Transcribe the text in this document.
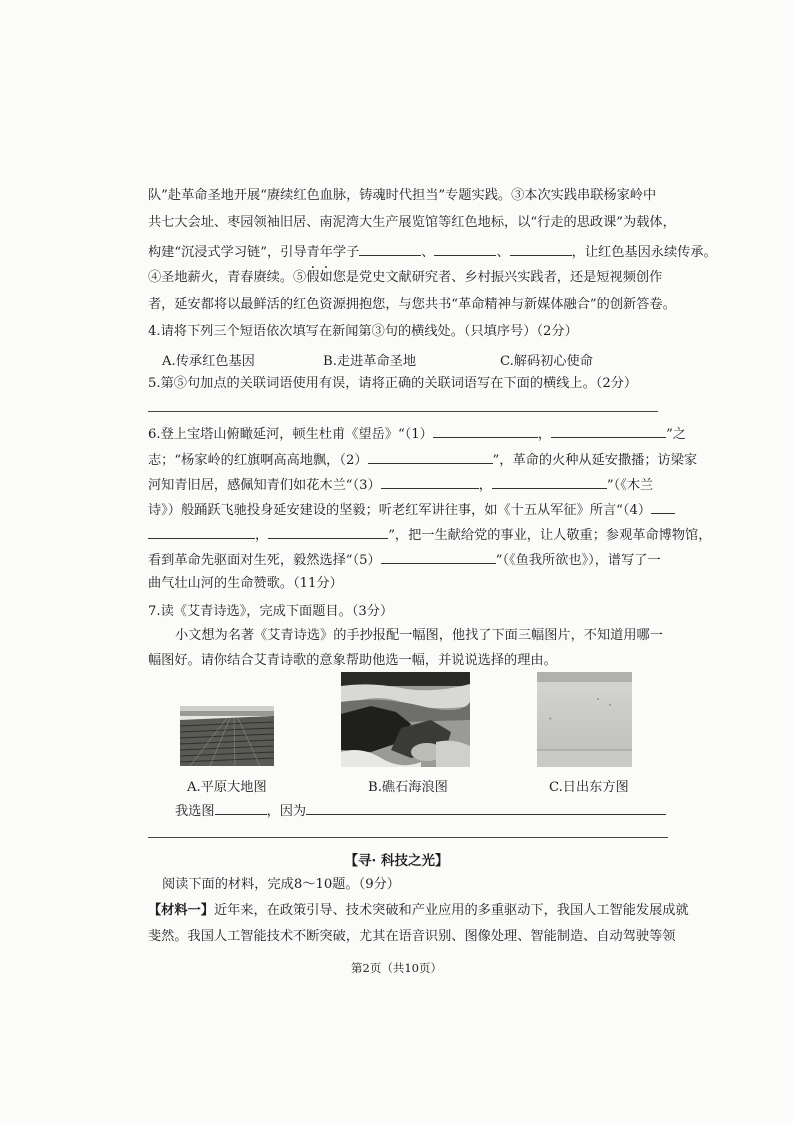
队”赴革命圣地开展“赓续红色血脉，铸魂时代担当”专题实践。③本次实践串联杨家岭中
共七大会址、枣园领袖旧居、南泥湾大生产展览馆等红色地标，以“行走的思政课”为载体，
构建“沉浸式学习链”，引导青年学子	、	、	，让红色基因永续传承。
④圣地薪火，青春赓续。⑤假如您是党史文献研究者、乡村振兴实践者，还是短视频创作
者，延安都将以最鲜活的红色资源拥抱您，与您共书“革命精神与新媒体融合”的创新答卷。
4.请将下列三个短语依次填写在新闻第③句的横线处。（只填序号）（2分）
A.传承红色基因	B.走进革命圣地	C.解码初心使命
5.第⑤句加点的关联词语使用有误，请将正确的关联词语写在下面的横线上。（2分）
6.登上宝塔山俯瞰延河，顿生杜甫《望岳》“（1）	，	”之
志；“杨家岭的红旗啊高高地飘，（2）	”，革命的火种从延安撒播；访梁家
河知青旧居，感佩知青们如花木兰“（3）	，	”（《木兰
诗》）般踊跃飞驰投身延安建设的坚毅；听老红军讲往事，如《十五从军征》所言“（4）
，	”，把一生献给党的事业，让人敬重；参观革命博物馆，
看到革命先驱面对生死，毅然选择“（5）	”（《鱼我所欲也》），谱写了一
曲气壮山河的生命赞歌。（11分）
7.读《艾青诗选》，完成下面题目。（3分）
小文想为名著《艾青诗选》的手抄报配一幅图，他找了下面三幅图片，不知道用哪一
幅图好。请你结合艾青诗歌的意象帮助他选一幅，并说说选择的理由。
ᵛ
ᵛ
ᵛ
A.平原大地图	B.礁石海浪图	C.日出东方图
我选图	，因为
【寻· 科技之光】
阅读下面的材料，完成8～10题。（9分）
【材料一】近年来，在政策引导、技术突破和产业应用的多重驱动下，我国人工智能发展成就
斐然。我国人工智能技术不断突破，尤其在语音识别、图像处理、智能制造、自动驾驶等领
第2页（共10页）
